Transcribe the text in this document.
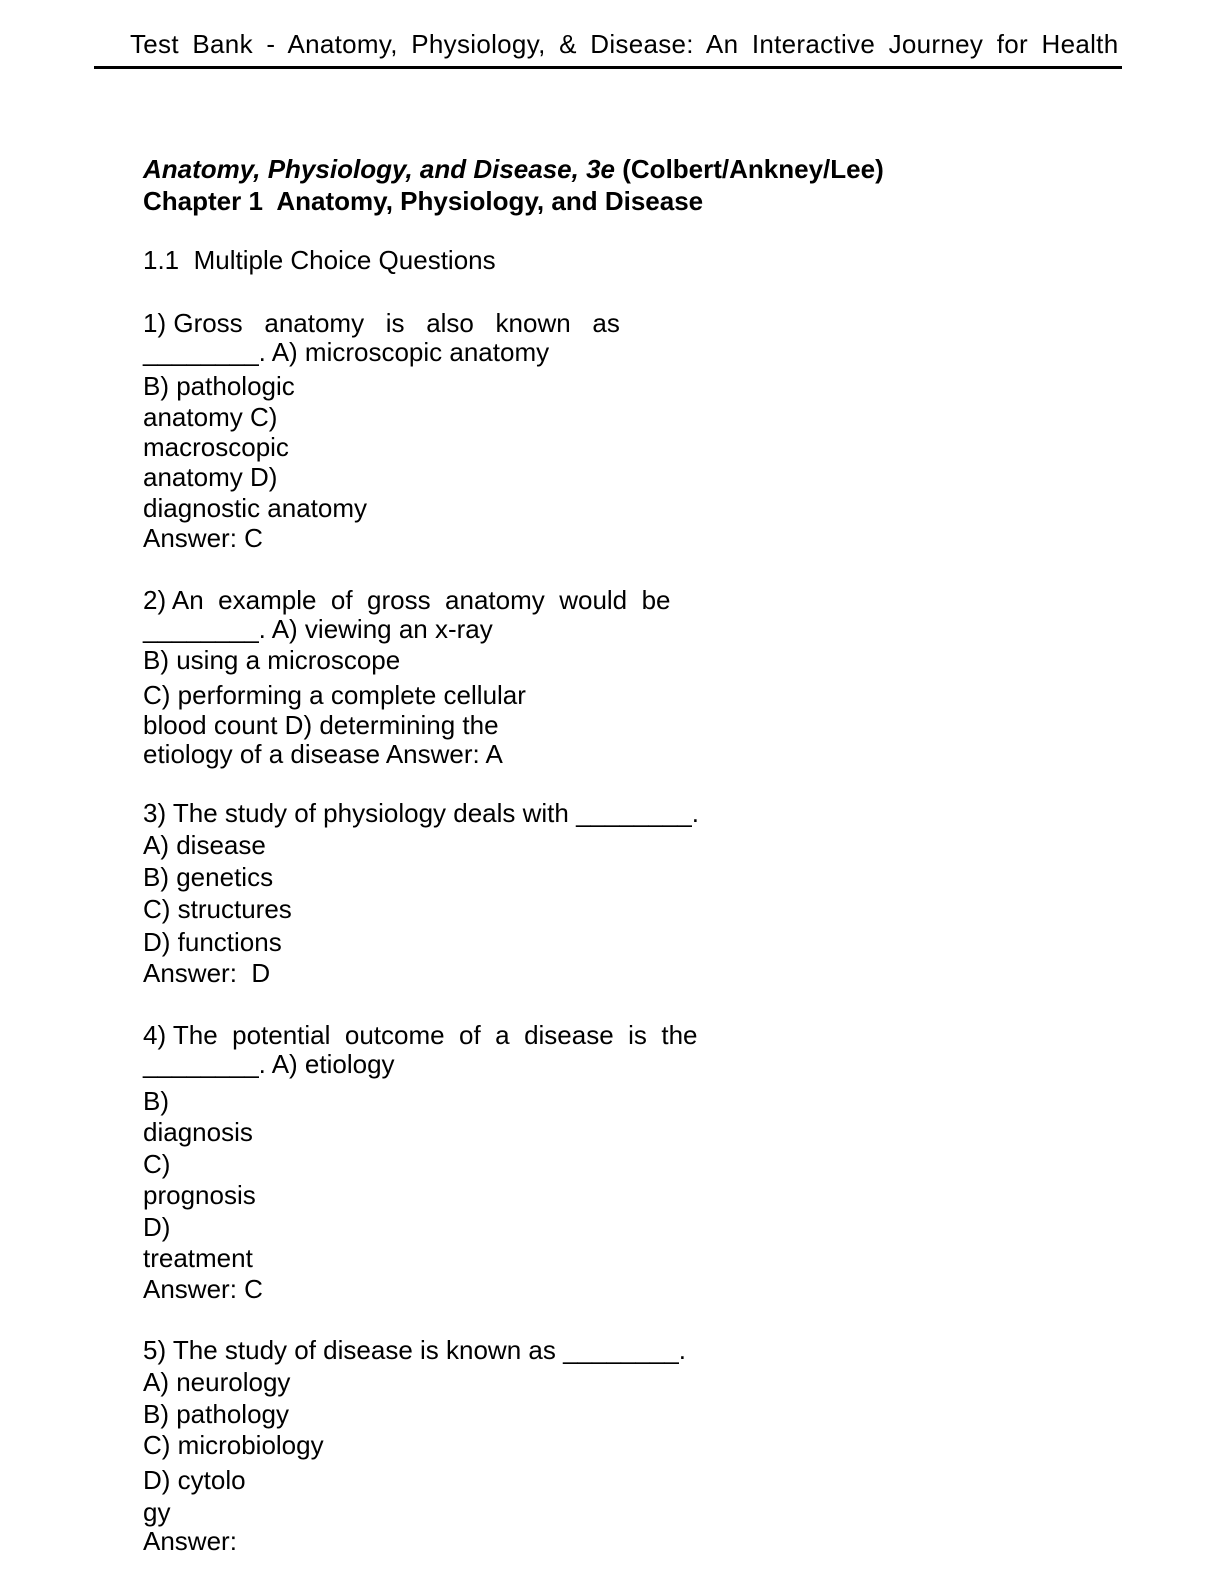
Test Bank - Anatomy, Physiology, & Disease: An Interactive Journey for Health
Anatomy, Physiology, and Disease, 3e (Colbert/Ankney/Lee)
Chapter 1  Anatomy, Physiology, and Disease
1.1  Multiple Choice Questions
1) Gross   anatomy   is   also   known   as
________. A) microscopic anatomy
B) pathologic
anatomy C)
macroscopic
anatomy D)
diagnostic anatomy
Answer: C
2) An  example  of  gross  anatomy  would  be
________. A) viewing an x-ray
B) using a microscope
C) performing a complete cellular
blood count D) determining the
etiology of a disease Answer: A
3) The study of physiology deals with ________.
A) disease
B) genetics
C) structures
D) functions
Answer:  D
4) The  potential  outcome  of  a  disease  is  the
________. A) etiology
B)
diagnosis
C)
prognosis
D)
treatment
Answer: C
5) The study of disease is known as ________.
A) neurology
B) pathology
C) microbiology
D) cytolo
gy
Answer:
